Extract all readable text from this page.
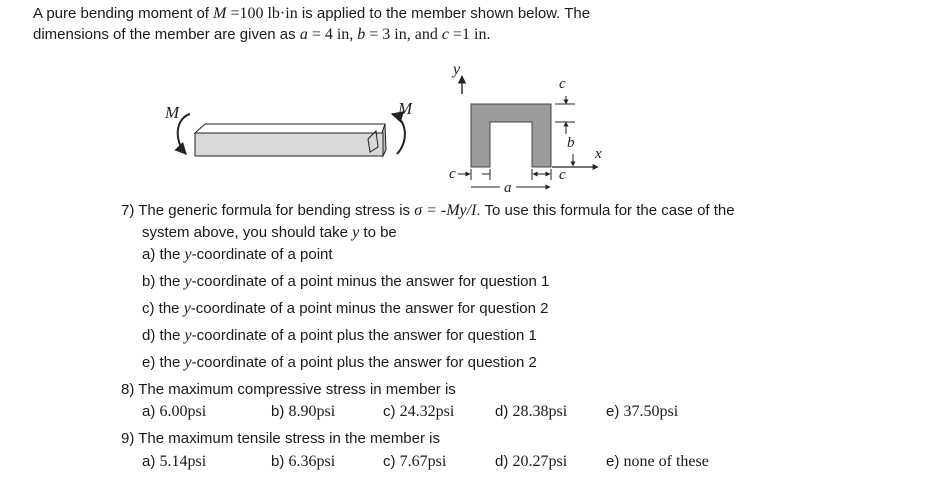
A pure bending moment of M =100 lb·in is applied to the member shown below. The
dimensions of the member are given as a = 4 in, b = 3 in, and c =1 in.
M	M
y
x
c
b
c
a
c
7) The generic formula for bending stress is σ = -My/I. To use this formula for the case of the
system above, you should take y to be
a) the y-coordinate of a point
b) the y-coordinate of a point minus the answer for question 1
c) the y-coordinate of a point minus the answer for question 2
d) the y-coordinate of a point plus the answer for question 1
e) the y-coordinate of a point plus the answer for question 2
8) The maximum compressive stress in member is
a) 6.00psi	b) 8.90psi	c) 24.32psi	d) 28.38psi	e) 37.50psi
9) The maximum tensile stress in the member is
a) 5.14psi	b) 6.36psi	c) 7.67psi	d) 20.27psi	e) none of these
